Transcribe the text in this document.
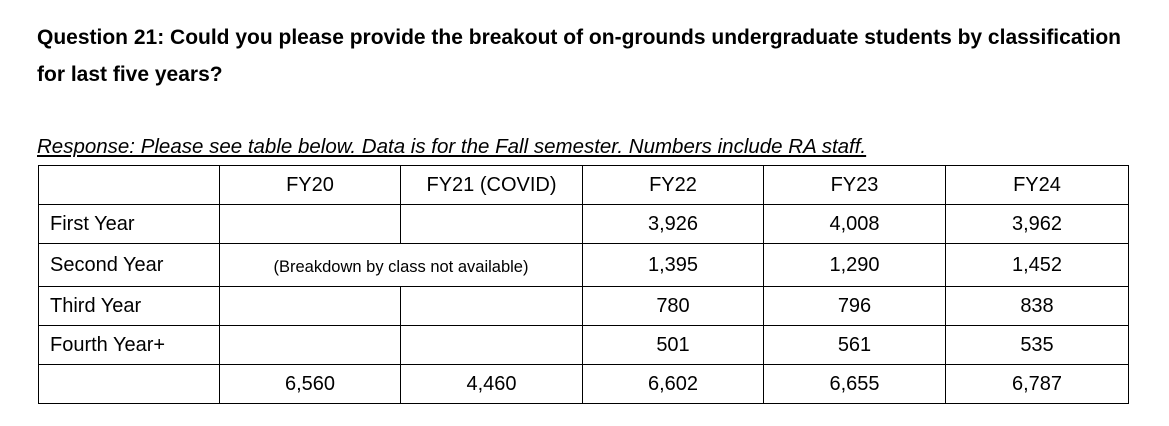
Question 21: Could you please provide the breakout of on-grounds undergraduate students by classification for last five years?
Response: Please see table below. Data is for the Fall semester. Numbers include RA staff.
	FY20	FY21 (COVID)	FY22	FY23	FY24
First Year			3,926	4,008	3,962
Second Year	(Breakdown by class not available)		1,395	1,290	1,452
Third Year			780	796	838
Fourth Year+			501	561	535
	6,560	4,460	6,602	6,655	6,787
